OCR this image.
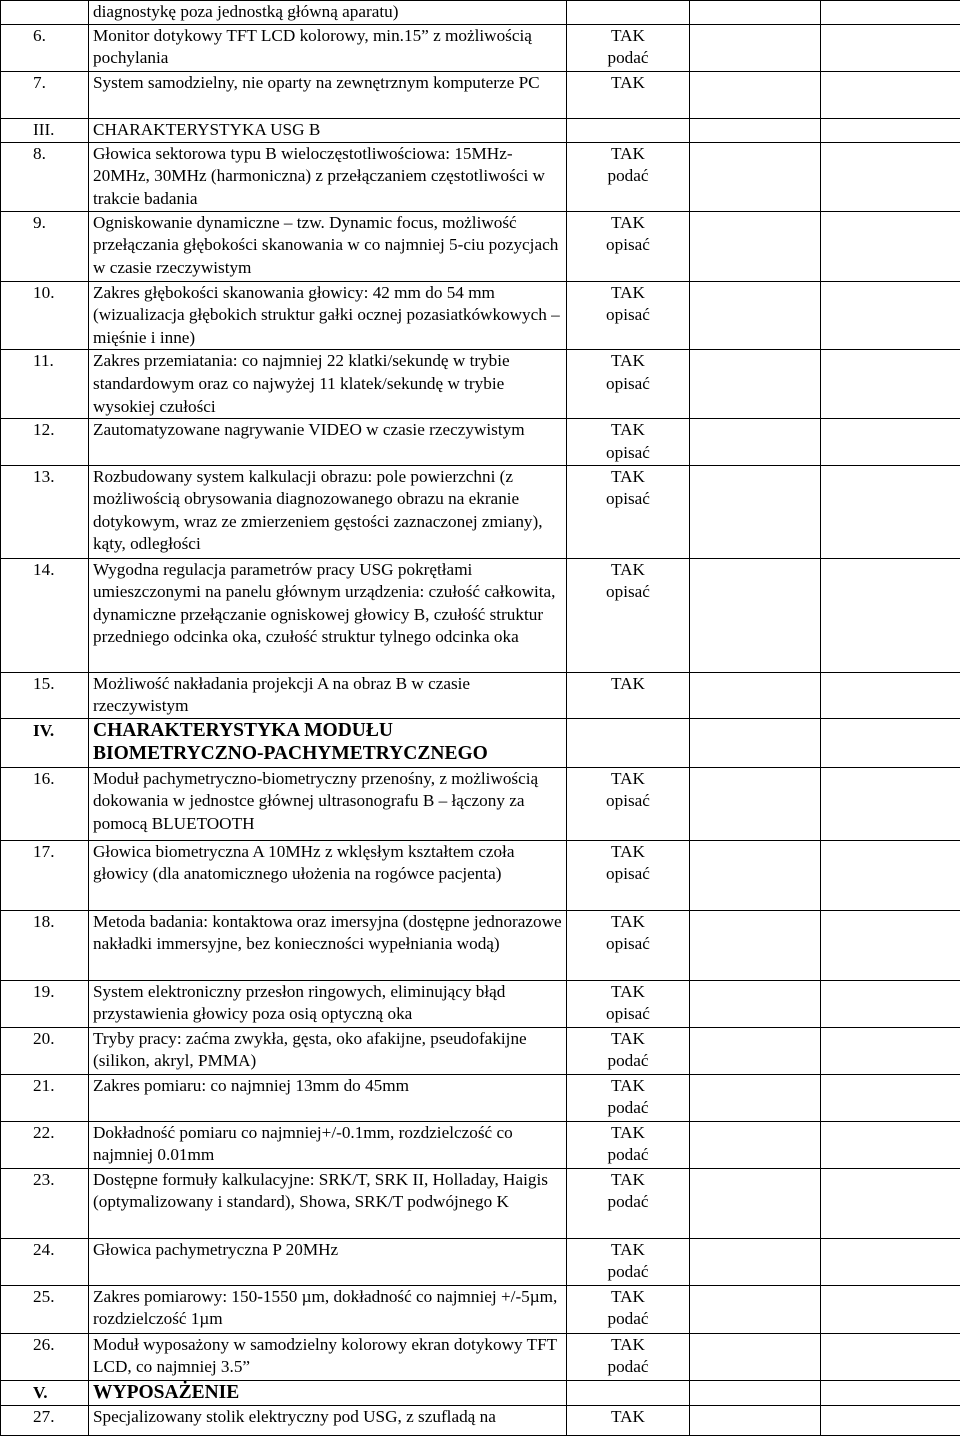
	diagnostykę poza jednostką główną aparatu)			
6.	Monitor dotykowy TFT LCD kolorowy, min.15” z możliwością pochylania	TAK
podać		

7.	System samodzielny, nie oparty na zewnętrznym komputerze PC	TAK		

III.	CHARAKTERYSTYKA USG B			
8.	Głowica sektorowa typu B wieloczęstotliwościowa: 15MHz-20MHz, 30MHz (harmoniczna) z przełączaniem częstotliwości w trakcie badania	TAK
podać		

9.	Ogniskowanie dynamiczne – tzw. Dynamic focus, możliwość przełączania głębokości skanowania w co najmniej 5-ciu pozycjach w czasie rzeczywistym	TAK
opisać		

10.	Zakres głębokości skanowania głowicy: 42 mm do 54 mm (wizualizacja głębokich struktur gałki ocznej pozasiatkówkowych – mięśnie i inne)	TAK
opisać		

11.	Zakres przemiatania: co najmniej 22 klatki/sekundę w trybie standardowym oraz co najwyżej 11 klatek/sekundę w trybie wysokiej czułości	TAK
opisać		

12.	Zautomatyzowane nagrywanie VIDEO w czasie rzeczywistym	TAK
opisać		

13.	Rozbudowany system kalkulacji obrazu: pole powierzchni (z możliwością obrysowania diagnozowanego obrazu na ekranie dotykowym, wraz ze zmierzeniem gęstości zaznaczonej zmiany), kąty, odległości	TAK
opisać		

14.	Wygodna regulacja parametrów pracy USG pokrętłami umieszczonymi na panelu głównym urządzenia: czułość całkowita, dynamiczne przełączanie ogniskowej głowicy B, czułość struktur przedniego odcinka oka, czułość struktur tylnego odcinka oka	TAK
opisać		

15.	Możliwość nakładania projekcji A na obraz B w czasie rzeczywistym	TAK		

IV.	CHARAKTERYSTYKA MODUŁU BIOMETRYCZNO-PACHYMETRYCZNEGO			
16.	Moduł pachymetryczno-biometryczny przenośny, z możliwością dokowania w jednostce głównej ultrasonografu B – łączony za pomocą BLUETOOTH	TAK
opisać		

17.	Głowica biometryczna A 10MHz z wklęsłym kształtem czoła głowicy (dla anatomicznego ułożenia na rogówce pacjenta)	TAK
opisać		

18.	Metoda badania: kontaktowa oraz imersyjna (dostępne jednorazowe nakładki immersyjne, bez konieczności wypełniania wodą)	TAK
opisać		

19.	System elektroniczny przesłon ringowych, eliminujący błąd przystawienia głowicy poza osią optyczną oka	TAK
opisać		

20.	Tryby pracy: zaćma zwykła, gęsta, oko afakijne, pseudofakijne (silikon, akryl, PMMA)	TAK
podać		

21.	Zakres pomiaru: co najmniej 13mm do 45mm	TAK
podać		

22.	Dokładność pomiaru co najmniej+/-0.1mm, rozdzielczość co najmniej 0.01mm	TAK
podać		

23.	Dostępne formuły kalkulacyjne: SRK/T, SRK II, Holladay, Haigis (optymalizowany i standard), Showa, SRK/T podwójnego K	TAK
podać		

24.	Głowica pachymetryczna P 20MHz	TAK
podać		

25.	Zakres pomiarowy: 150-1550 µm, dokładność co najmniej +/-5µm, rozdzielczość 1µm	TAK
podać		

26.	Moduł wyposażony w samodzielny kolorowy ekran dotykowy TFT LCD, co najmniej 3.5”	TAK
podać		

V.	WYPOSAŻENIE			
27.	Specjalizowany stolik elektryczny pod USG, z szufladą na	TAK		
